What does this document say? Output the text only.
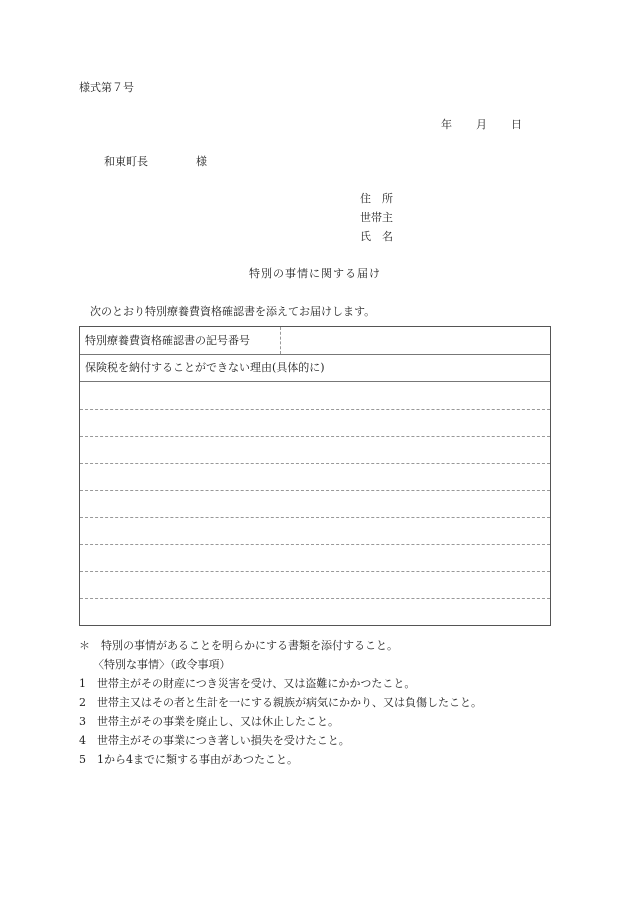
様式第７号
年 月 日
和東町長	様
住　所
世帯主
氏　名
特別の事情に関する届け
次のとおり特別療養費資格確認書を添えてお届けします。
特別療養費資格確認書の記号番号
保険税を納付することができない理由(具体的に)
＊ 特別の事情があることを明らかにする書類を添付すること。
〈特別な事情〉（政令事項）
1 世帯主がその財産につき災害を受け、又は盗難にかかつたこと。
2 世帯主又はその者と生計を一にする親族が病気にかかり、又は負傷したこと。
3 世帯主がその事業を廃止し、又は休止したこと。
4 世帯主がその事業につき著しい損失を受けたこと。
5 1から4までに類する事由があつたこと。
